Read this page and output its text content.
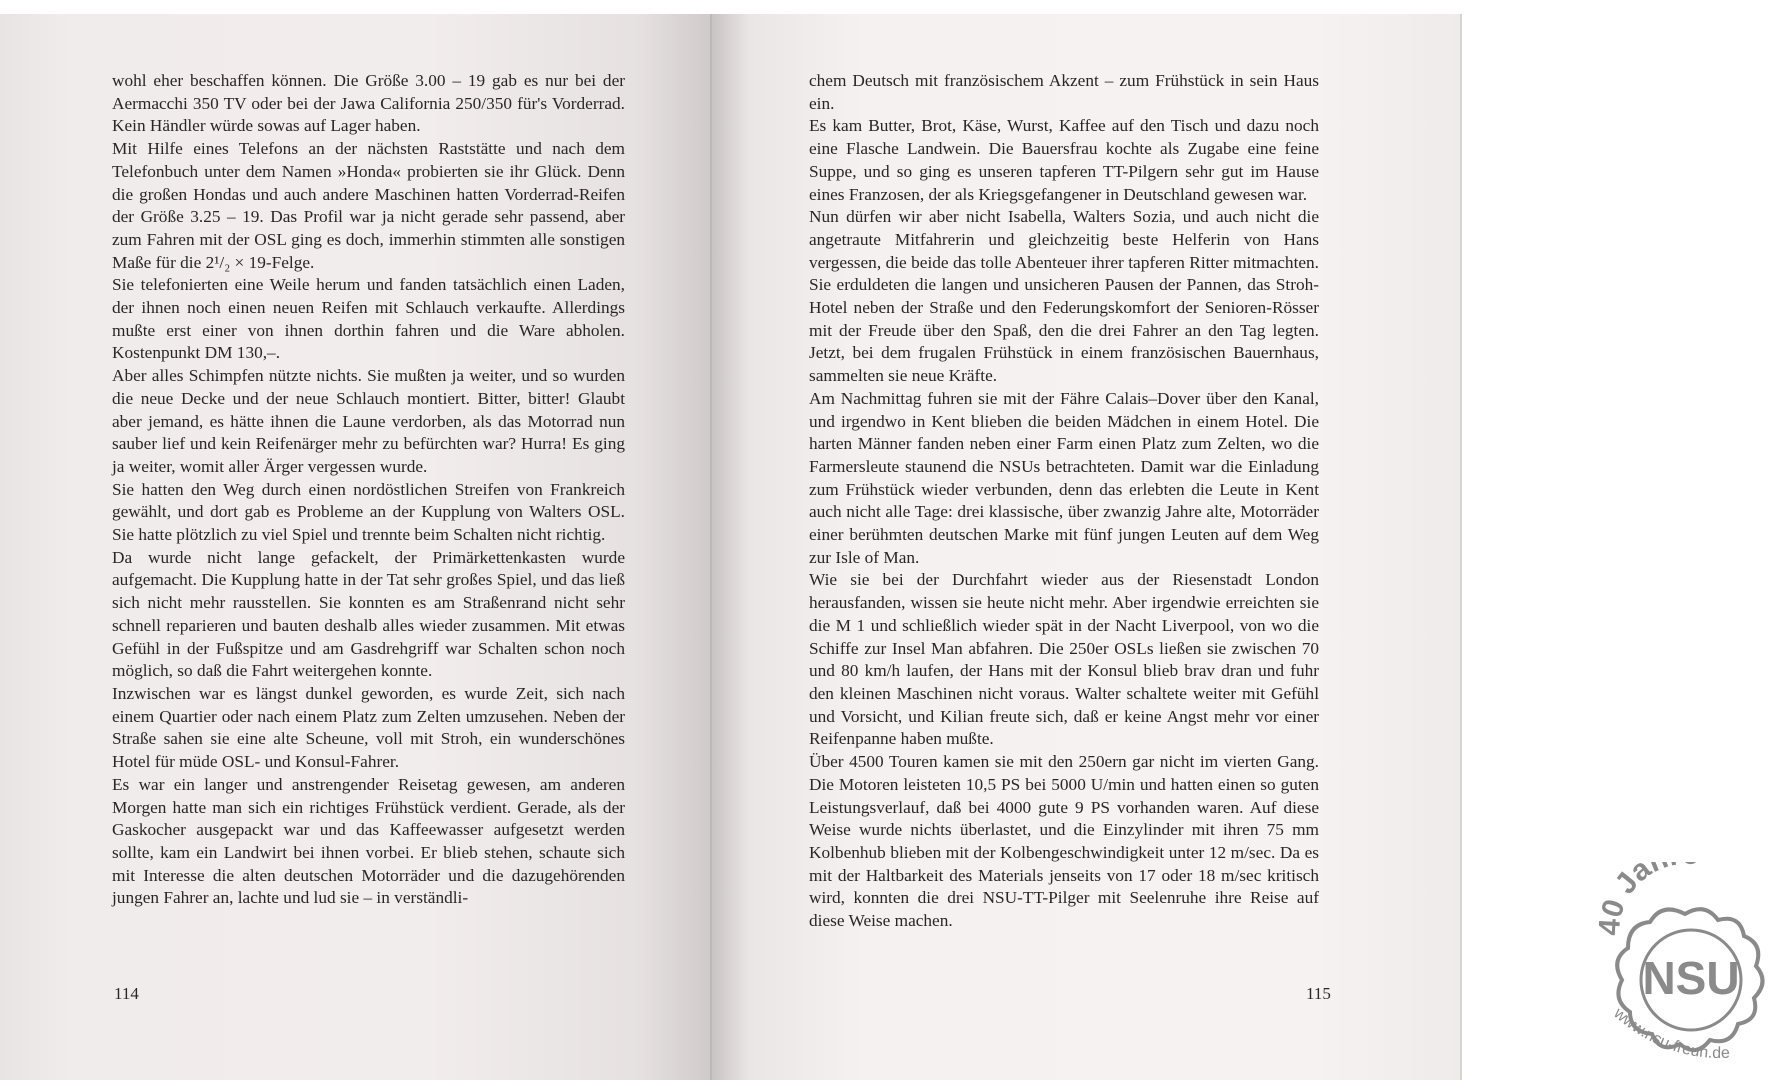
wohl eher beschaffen können. Die Größe 3.00 – 19 gab es nur bei der Aermacchi 350 TV oder bei der Jawa California 250/350 für's Vorderrad. Kein Händler würde sowas auf Lager haben.

Mit Hilfe eines Telefons an der nächsten Raststätte und nach dem Telefonbuch unter dem Namen »Honda« probierten sie ihr Glück. Denn die großen Hondas und auch andere Maschinen hatten Vorderrad-Reifen der Größe 3.25 – 19. Das Profil war ja nicht gerade sehr passend, aber zum Fahren mit der OSL ging es doch, immerhin stimmten alle sonstigen Maße für die 2¹/₂ × 19-Felge.

Sie telefonierten eine Weile herum und fanden tatsächlich einen Laden, der ihnen noch einen neuen Reifen mit Schlauch verkaufte. Allerdings mußte erst einer von ihnen dorthin fahren und die Ware abholen. Kostenpunkt DM 130,–.

Aber alles Schimpfen nützte nichts. Sie mußten ja weiter, und so wurden die neue Decke und der neue Schlauch montiert. Bitter, bitter! Glaubt aber jemand, es hätte ihnen die Laune verdorben, als das Motorrad nun sauber lief und kein Reifenärger mehr zu befürchten war? Hurra! Es ging ja weiter, womit aller Ärger vergessen wurde.

Sie hatten den Weg durch einen nordöstlichen Streifen von Frankreich gewählt, und dort gab es Probleme an der Kupplung von Walters OSL. Sie hatte plötzlich zu viel Spiel und trennte beim Schalten nicht richtig.

Da wurde nicht lange gefackelt, der Primärkettenkasten wurde aufgemacht. Die Kupplung hatte in der Tat sehr großes Spiel, und das ließ sich nicht mehr rausstellen. Sie konnten es am Straßenrand nicht sehr schnell reparieren und bauten deshalb alles wieder zusammen. Mit etwas Gefühl in der Fußspitze und am Gasdrehgriff war Schalten schon noch möglich, so daß die Fahrt weitergehen konnte.

Inzwischen war es längst dunkel geworden, es wurde Zeit, sich nach einem Quartier oder nach einem Platz zum Zelten umzusehen. Neben der Straße sahen sie eine alte Scheune, voll mit Stroh, ein wunderschönes Hotel für müde OSL- und Konsul-Fahrer.

Es war ein langer und anstrengender Reisetag gewesen, am anderen Morgen hatte man sich ein richtiges Frühstück verdient. Gerade, als der Gaskocher ausgepackt war und das Kaffeewasser aufgesetzt werden sollte, kam ein Landwirt bei ihnen vorbei. Er blieb stehen, schaute sich mit Interesse die alten deutschen Motorräder und die dazugehörenden jungen Fahrer an, lachte und lud sie – in verständli-

114

chem Deutsch mit französischem Akzent – zum Frühstück in sein Haus ein.

Es kam Butter, Brot, Käse, Wurst, Kaffee auf den Tisch und dazu noch eine Flasche Landwein. Die Bauersfrau kochte als Zugabe eine feine Suppe, und so ging es unseren tapferen TT-Pilgern sehr gut im Hause eines Franzosen, der als Kriegsgefangener in Deutschland gewesen war.

Nun dürfen wir aber nicht Isabella, Walters Sozia, und auch nicht die angetraute Mitfahrerin und gleichzeitig beste Helferin von Hans vergessen, die beide das tolle Abenteuer ihrer tapferen Ritter mitmachten. Sie erduldeten die langen und unsicheren Pausen der Pannen, das Stroh-Hotel neben der Straße und den Federungskomfort der Senioren-Rösser mit der Freude über den Spaß, den die drei Fahrer an den Tag legten. Jetzt, bei dem frugalen Frühstück in einem französischen Bauernhaus, sammelten sie neue Kräfte.

Am Nachmittag fuhren sie mit der Fähre Calais–Dover über den Kanal, und irgendwo in Kent blieben die beiden Mädchen in einem Hotel. Die harten Männer fanden neben einer Farm einen Platz zum Zelten, wo die Farmersleute staunend die NSUs betrachteten. Damit war die Einladung zum Frühstück wieder verbunden, denn das erlebten die Leute in Kent auch nicht alle Tage: drei klassische, über zwanzig Jahre alte, Motorräder einer berühmten deutschen Marke mit fünf jungen Leuten auf dem Weg zur Isle of Man.

Wie sie bei der Durchfahrt wieder aus der Riesenstadt London herausfanden, wissen sie heute nicht mehr. Aber irgendwie erreichten sie die M 1 und schließlich wieder spät in der Nacht Liverpool, von wo die Schiffe zur Insel Man abfahren. Die 250er OSLs ließen sie zwischen 70 und 80 km/h laufen, der Hans mit der Konsul blieb brav dran und fuhr den kleinen Maschinen nicht voraus. Walter schaltete weiter mit Gefühl und Vorsicht, und Kilian freute sich, daß er keine Angst mehr vor einer Reifenpanne haben mußte.

Über 4500 Touren kamen sie mit den 250ern gar nicht im vierten Gang. Die Motoren leisteten 10,5 PS bei 5000 U/min und hatten einen so guten Leistungsverlauf, daß bei 4000 gute 9 PS vorhanden waren. Auf diese Weise wurde nichts überlastet, und die Einzylinder mit ihren 75 mm Kolbenhub blieben mit der Kolbengeschwindigkeit unter 12 m/sec. Da es mit der Haltbarkeit des Materials jenseits von 17 oder 18 m/sec kritisch wird, konnten die drei NSU-TT-Pilger mit Seelenruhe ihre Reise auf diese Weise machen.

115
40 Ja
NSU
www.nsu-freun.de
